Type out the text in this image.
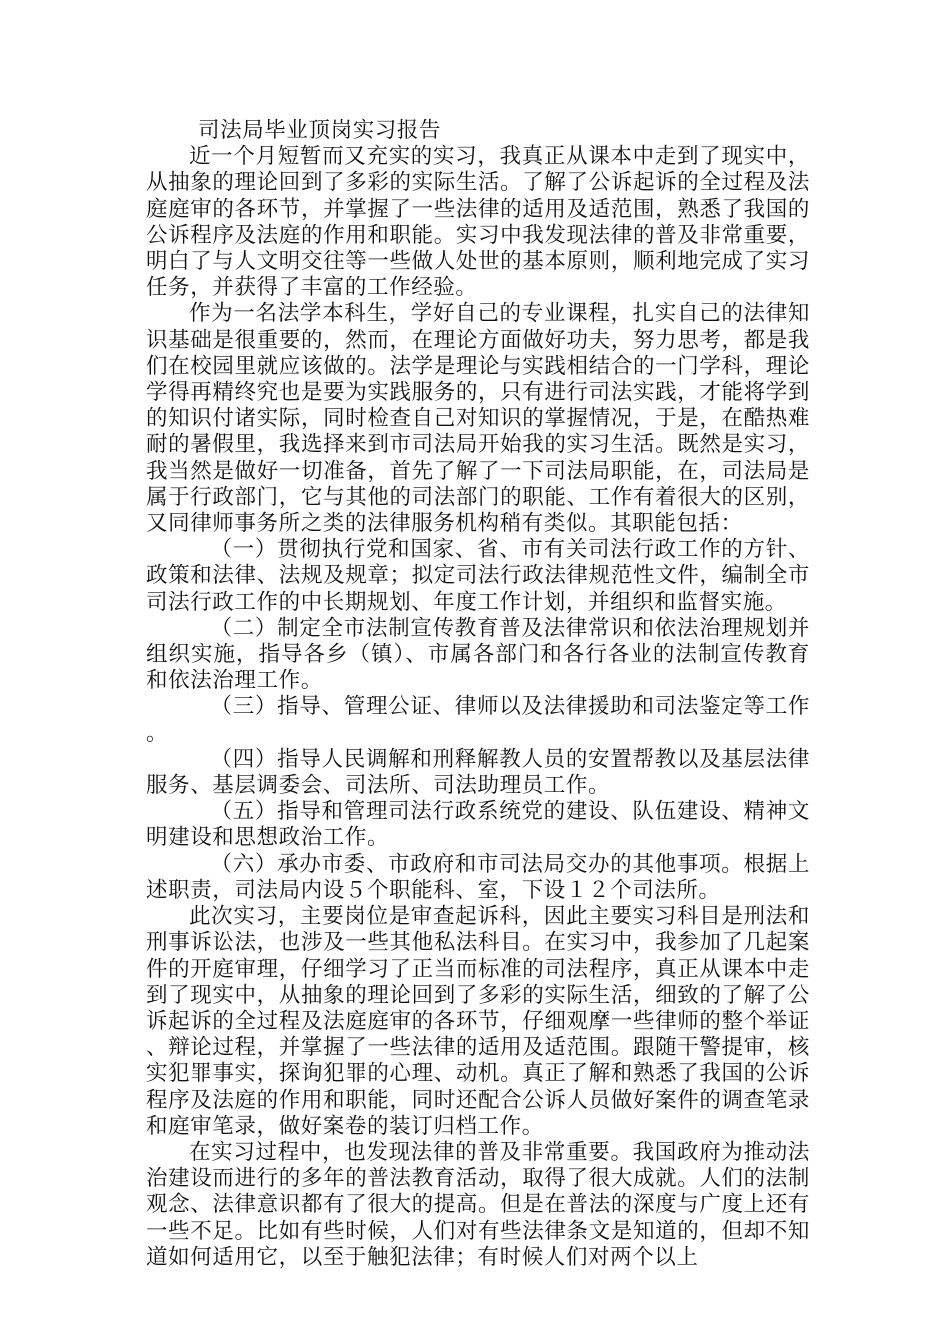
司法局毕业顶岗实习报告

近一个月短暂而又充实的实习，我真正从课本中走到了现实中，从抽象的理论回到了多彩的实际生活。了解了公诉起诉的全过程及法庭庭审的各环节，并掌握了一些法律的适用及适范围，熟悉了我国的公诉程序及法庭的作用和职能。实习中我发现法律的普及非常重要，明白了与人文明交往等一些做人处世的基本原则，顺利地完成了实习任务，并获得了丰富的工作经验。

作为一名法学本科生，学好自己的专业课程，扎实自己的法律知识基础是很重要的，然而，在理论方面做好功夫，努力思考，都是我们在校园里就应该做的。法学是理论与实践相结合的一门学科，理论学得再精终究也是要为实践服务的，只有进行司法实践，才能将学到的知识付诸实际，同时检查自己对知识的掌握情况，于是，在酷热难耐的暑假里，我选择来到市司法局开始我的实习生活。既然是实习，我当然是做好一切准备，首先了解了一下司法局职能，在，司法局是属于行政部门，它与其他的司法部门的职能、工作有着很大的区别，又同律师事务所之类的法律服务机构稍有类似。其职能包括：

（一）贯彻执行党和国家、省、市有关司法行政工作的方针、政策和法律、法规及规章；拟定司法行政法律规范性文件，编制全市司法行政工作的中长期规划、年度工作计划，并组织和监督实施。

（二）制定全市法制宣传教育普及法律常识和依法治理规划并组织实施，指导各乡（镇）、市属各部门和各行各业的法制宣传教育和依法治理工作。

（三）指导、管理公证、律师以及法律援助和司法鉴定等工作。

（四）指导人民调解和刑释解教人员的安置帮教以及基层法律服务、基层调委会、司法所、司法助理员工作。

（五）指导和管理司法行政系统党的建设、队伍建设、精神文明建设和思想政治工作。

（六）承办市委、市政府和市司法局交办的其他事项。根据上述职责，司法局内设５个职能科、室，下设１２个司法所。

此次实习，主要岗位是审查起诉科，因此主要实习科目是刑法和刑事诉讼法，也涉及一些其他私法科目。在实习中，我参加了几起案件的开庭审理，仔细学习了正当而标准的司法程序，真正从课本中走到了现实中，从抽象的理论回到了多彩的实际生活，细致的了解了公诉起诉的全过程及法庭庭审的各环节，仔细观摩一些律师的整个举证、辩论过程，并掌握了一些法律的适用及适范围。跟随干警提审，核实犯罪事实，探询犯罪的心理、动机。真正了解和熟悉了我国的公诉程序及法庭的作用和职能，同时还配合公诉人员做好案件的调查笔录和庭审笔录，做好案卷的装订归档工作。

在实习过程中，也发现法律的普及非常重要。我国政府为推动法治建设而进行的多年的普法教育活动，取得了很大成就。人们的法制观念、法律意识都有了很大的提高。但是在普法的深度与广度上还有一些不足。比如有些时候，人们对有些法律条文是知道的，但却不知道如何适用它，以至于触犯法律；有时候人们对两个以上
